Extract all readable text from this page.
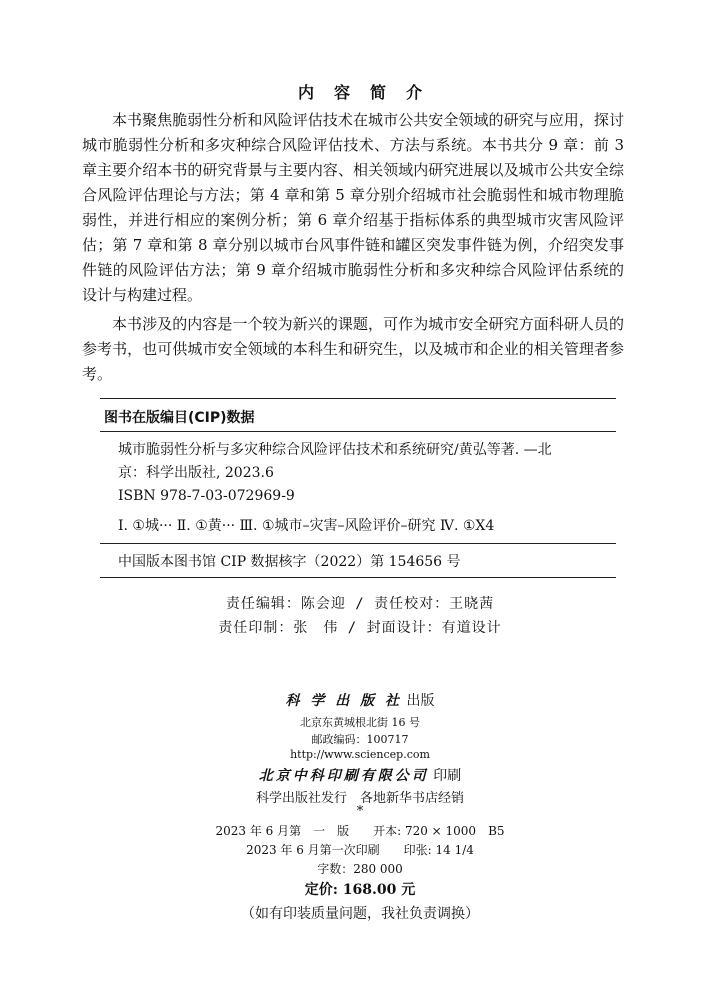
内容简介

本书聚焦脆弱性分析和风险评估技术在城市公共安全领域的研究与应用，探讨城市脆弱性分析和多灾种综合风险评估技术、方法与系统。本书共分 9 章：前 3 章主要介绍本书的研究背景与主要内容、相关领域内研究进展以及城市公共安全综合风险评估理论与方法；第 4 章和第 5 章分别介绍城市社会脆弱性和城市物理脆弱性，并进行相应的案例分析；第 6 章介绍基于指标体系的典型城市灾害风险评估；第 7 章和第 8 章分别以城市台风事件链和罐区突发事件链为例，介绍突发事件链的风险评估方法；第 9 章介绍城市脆弱性分析和多灾种综合风险评估系统的设计与构建过程。

本书涉及的内容是一个较为新兴的课题，可作为城市安全研究方面科研人员的参考书，也可供城市安全领域的本科生和研究生，以及城市和企业的相关管理者参考。

图书在版编目(CIP)数据
城市脆弱性分析与多灾种综合风险评估技术和系统研究/黄弘等著. —北
京：科学出版社, 2023.6
ISBN 978-7-03-072969-9
Ⅰ. ①城··· Ⅱ. ①黄··· Ⅲ. ①城市–灾害–风险评价–研究 Ⅳ. ①X4
中国版本图书馆 CIP 数据核字（2022）第 154656 号
责任编辑：陈会迎 / 责任校对：王晓茜
责任印制：张　伟 / 封面设计：有道设计
科 学 出 版 社 出版
北京东黄城根北街 16 号
邮政编码：100717
http://www.sciencep.com
北京中科印刷有限公司 印刷
科学出版社发行　各地新华书店经销
*
2023 年 6 月第　一　版　　开本: 720 × 1000　B5
2023 年 6 月第一次印刷　　印张: 14 1/4
字数：280 000
定价: 168.00 元
（如有印装质量问题，我社负责调换）
